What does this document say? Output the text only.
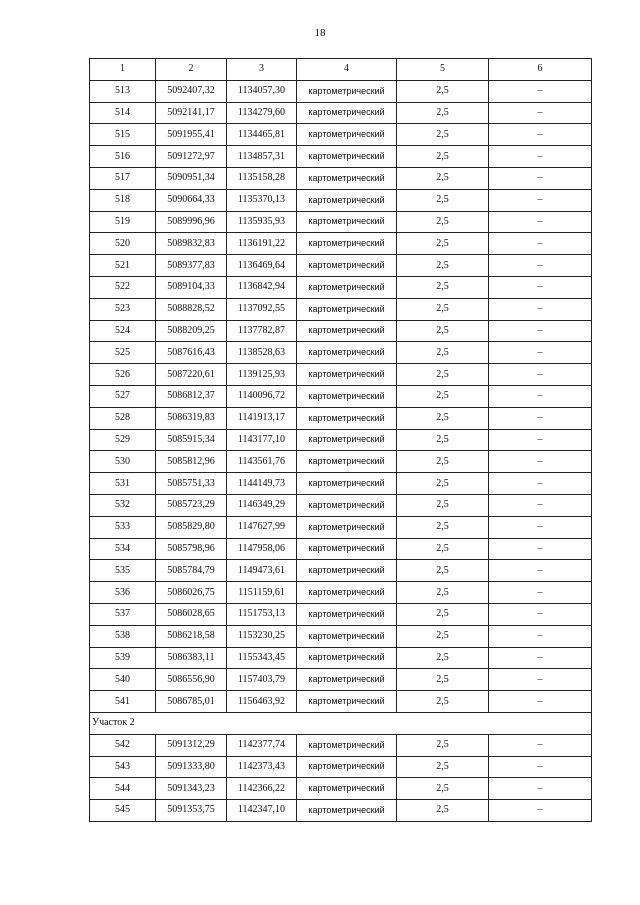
18
1	2	3	4	5	6
513	5092407,32	1134057,30	картометрический	2,5	–
514	5092141,17	1134279,60	картометрический	2,5	–
515	5091955,41	1134465,81	картометрический	2,5	–
516	5091272,97	1134857,31	картометрический	2,5	–
517	5090951,34	1135158,28	картометрический	2,5	–
518	5090664,33	1135370,13	картометрический	2,5	–
519	5089996,96	1135935,93	картометрический	2,5	–
520	5089832,83	1136191,22	картометрический	2,5	–
521	5089377,83	1136469,64	картометрический	2,5	–
522	5089104,33	1136842,94	картометрический	2,5	–
523	5088828,52	1137092,55	картометрический	2,5	–
524	5088209,25	1137782,87	картометрический	2,5	–
525	5087616,43	1138528,63	картометрический	2,5	–
526	5087220,61	1139125,93	картометрический	2,5	–
527	5086812,37	1140096,72	картометрический	2,5	–
528	5086319,83	1141913,17	картометрический	2,5	–
529	5085915,34	1143177,10	картометрический	2,5	–
530	5085812,96	1143561,76	картометрический	2,5	–
531	5085751,33	1144149,73	картометрический	2,5	–
532	5085723,29	1146349,29	картометрический	2,5	–
533	5085829,80	1147627,99	картометрический	2,5	–
534	5085798,96	1147958,06	картометрический	2,5	–
535	5085784,79	1149473,61	картометрический	2,5	–
536	5086026,75	1151159,61	картометрический	2,5	–
537	5086028,65	1151753,13	картометрический	2,5	–
538	5086218,58	1153230,25	картометрический	2,5	–
539	5086383,11	1155343,45	картометрический	2,5	–
540	5086556,90	1157403,79	картометрический	2,5	–
541	5086785,01	1156463,92	картометрический	2,5	–
Участок 2					
542	5091312,29	1142377,74	картометрический	2,5	–
543	5091333,80	1142373,43	картометрический	2,5	–
544	5091343,23	1142366,22	картометрический	2,5	–
545	5091353,75	1142347,10	картометрический	2,5	–
